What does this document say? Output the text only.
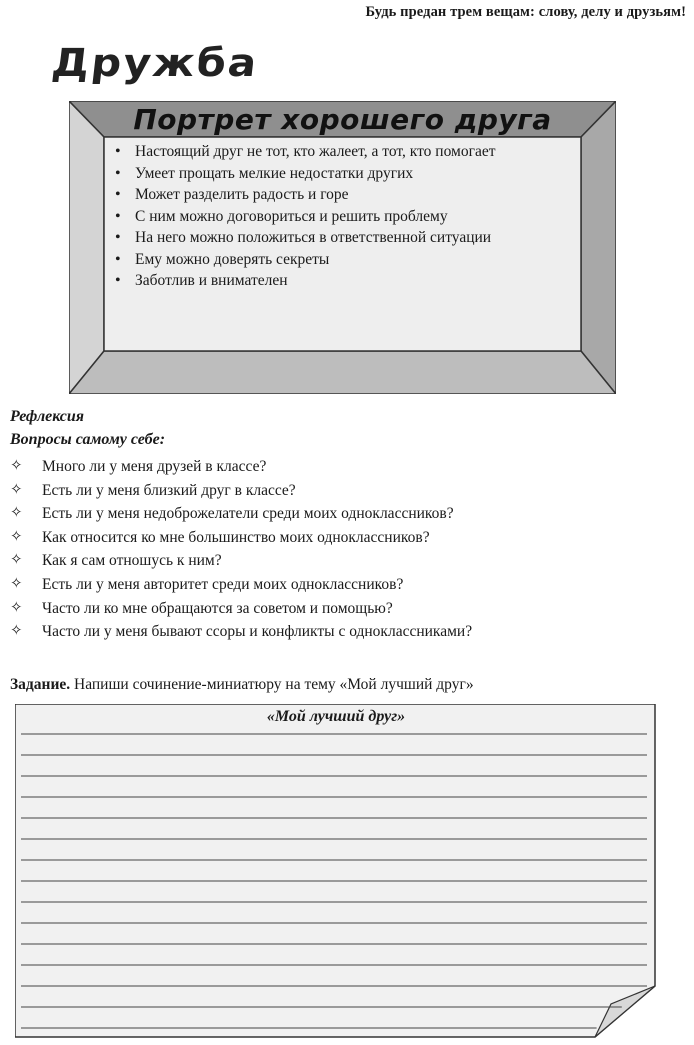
Будь предан трем вещам: слову, делу и друзьям!
Дружба
Портрет хорошего друга
• Настоящий друг не тот, кто жалеет, а тот, кто помогает
• Умеет прощать мелкие недостатки других
• Может разделить радость и горе
• С ним можно договориться и решить проблему
• На него можно положиться в ответственной ситуации
• Ему можно доверять секреты
• Заботлив и внимателен
Рефлексия
Вопросы самому себе:
✧ Много ли у меня друзей в классе?
✧ Есть ли у меня близкий друг в классе?
✧ Есть ли у меня недоброжелатели среди моих одноклассников?
✧ Как относится ко мне большинство моих одноклассников?
✧ Как я сам отношусь к ним?
✧ Есть ли у меня авторитет среди моих одноклассников?
✧ Часто ли ко мне обращаются за советом и помощью?
✧ Часто ли у меня бывают ссоры и конфликты с одноклассниками?
Задание. Напиши сочинение-миниатюру на тему «Мой лучший друг»
«Мой лучший друг»
